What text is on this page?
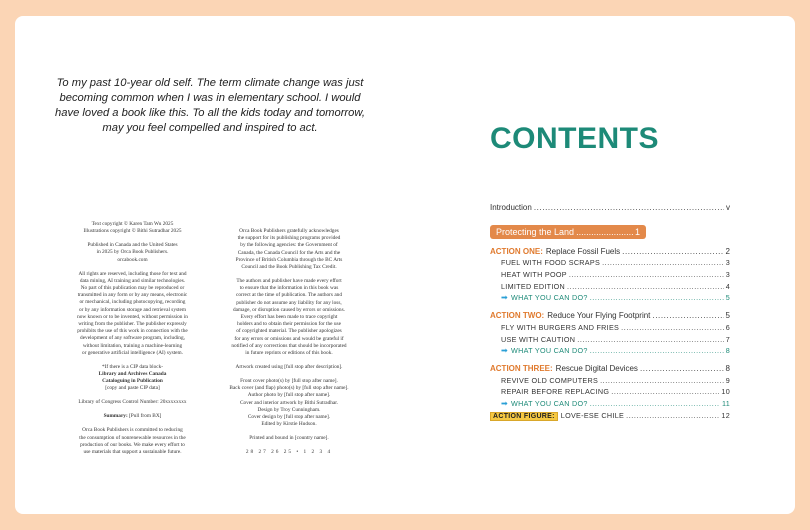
To my past 10-year old self. The term climate change was just becoming common when I was in elementary school. I would have loved a book like this. To all the kids today and tomorrow, may you feel compelled and inspired to act.

Text copyright © Karen Tam Wu 2025
Illustrations copyright © Bithi Sutradhar 2025

Published in Canada and the United States
in 2025 by Orca Book Publishers.
orcabook.com

All rights are reserved, including those for text and
data mining, AI training and similar technologies.
No part of this publication may be reproduced or
transmitted in any form or by any means, electronic
or mechanical, including photocopying, recording
or by any information storage and retrieval system
now known or to be invented, without permission in
writing from the publisher. The publisher expressly
prohibits the use of this work in connection with the
development of any software program, including,
without limitation, training a machine-learning
or generative artificial intelligence (AI) system.

*If there is a CIP data block-
Library and Archives Canada
Cataloguing in Publication
[copy and paste CIP data]

Library of Congress Control Number: 20xxxxxxxx

Summary: [Pull from BX]

Orca Book Publishers is committed to reducing
the consumption of nonrenewable resources in the
production of our books. We make every effort to
use materials that support a sustainable future.

Orca Book Publishers gratefully acknowledges
the support for its publishing programs provided
by the following agencies: the Government of
Canada, the Canada Council for the Arts and the
Province of British Columbia through the BC Arts
Council and the Book Publishing Tax Credit.

The authors and publisher have made every effort
to ensure that the information in this book was
correct at the time of publication. The authors and
publisher do not assume any liability for any loss,
damage, or disruption caused by errors or omissions.
Every effort has been made to trace copyright
holders and to obtain their permission for the use
of copyrighted material. The publisher apologizes
for any errors or omissions and would be grateful if
notified of any corrections that should be incorporated
in future reprints or editions of this book.

Artwork created using [full stop after description].

Front cover photo(s) by [full stop after name].
Back cover (and flap) photo(s) by [full stop after name].
Author photo by [full stop after name].
Cover and interior artwork by Bithi Sutradhar.
Design by Troy Cunningham.
Cover design by [full stop after name].
Edited by Kirstie Hudson.

Printed and bound in [country name].

28 27 26 25 • 1 2 3 4

CONTENTS
Introduction .....	v
Protecting the Land .....	1
ACTION ONE: Replace Fossil Fuels .....	2
FUEL WITH FOOD SCRAPS .....	3
HEAT WITH POOP .....	3
LIMITED EDITION .....	4
➡ WHAT YOU CAN DO? .....	5
ACTION TWO: Reduce Your Flying Footprint .....	5
FLY WITH BURGERS AND FRIES .....	6
USE WITH CAUTION .....	7
➡ WHAT YOU CAN DO? .....	8
ACTION THREE: Rescue Digital Devices .....	8
REVIVE OLD COMPUTERS .....	9
REPAIR BEFORE REPLACING .....	10
➡ WHAT YOU CAN DO? .....	11
ACTION FIGURE: LOVE-ESE CHILE .....	12
